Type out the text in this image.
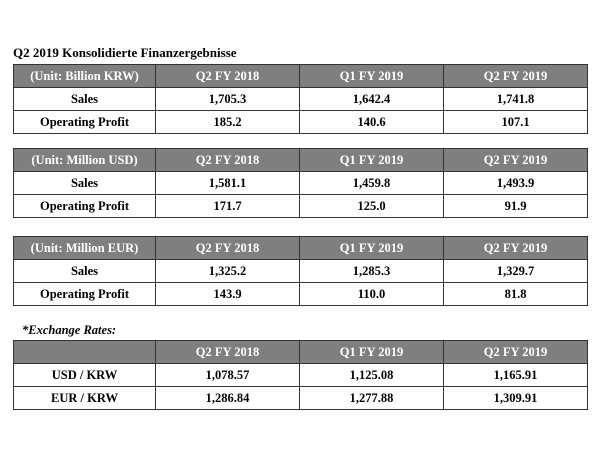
Q2 2019 Konsolidierte Finanzergebnisse
(Unit: Billion KRW)	Q2 FY 2018	Q1 FY 2019	Q2 FY 2019
Sales	1,705.3	1,642.4	1,741.8
Operating Profit	185.2	140.6	107.1
(Unit: Million USD)	Q2 FY 2018	Q1 FY 2019	Q2 FY 2019
Sales	1,581.1	1,459.8	1,493.9
Operating Profit	171.7	125.0	91.9
(Unit: Million EUR)	Q2 FY 2018	Q1 FY 2019	Q2 FY 2019
Sales	1,325.2	1,285.3	1,329.7
Operating Profit	143.9	110.0	81.8
*Exchange Rates:
	Q2 FY 2018	Q1 FY 2019	Q2 FY 2019
USD / KRW	1,078.57	1,125.08	1,165.91
EUR / KRW	1,286.84	1,277.88	1,309.91
